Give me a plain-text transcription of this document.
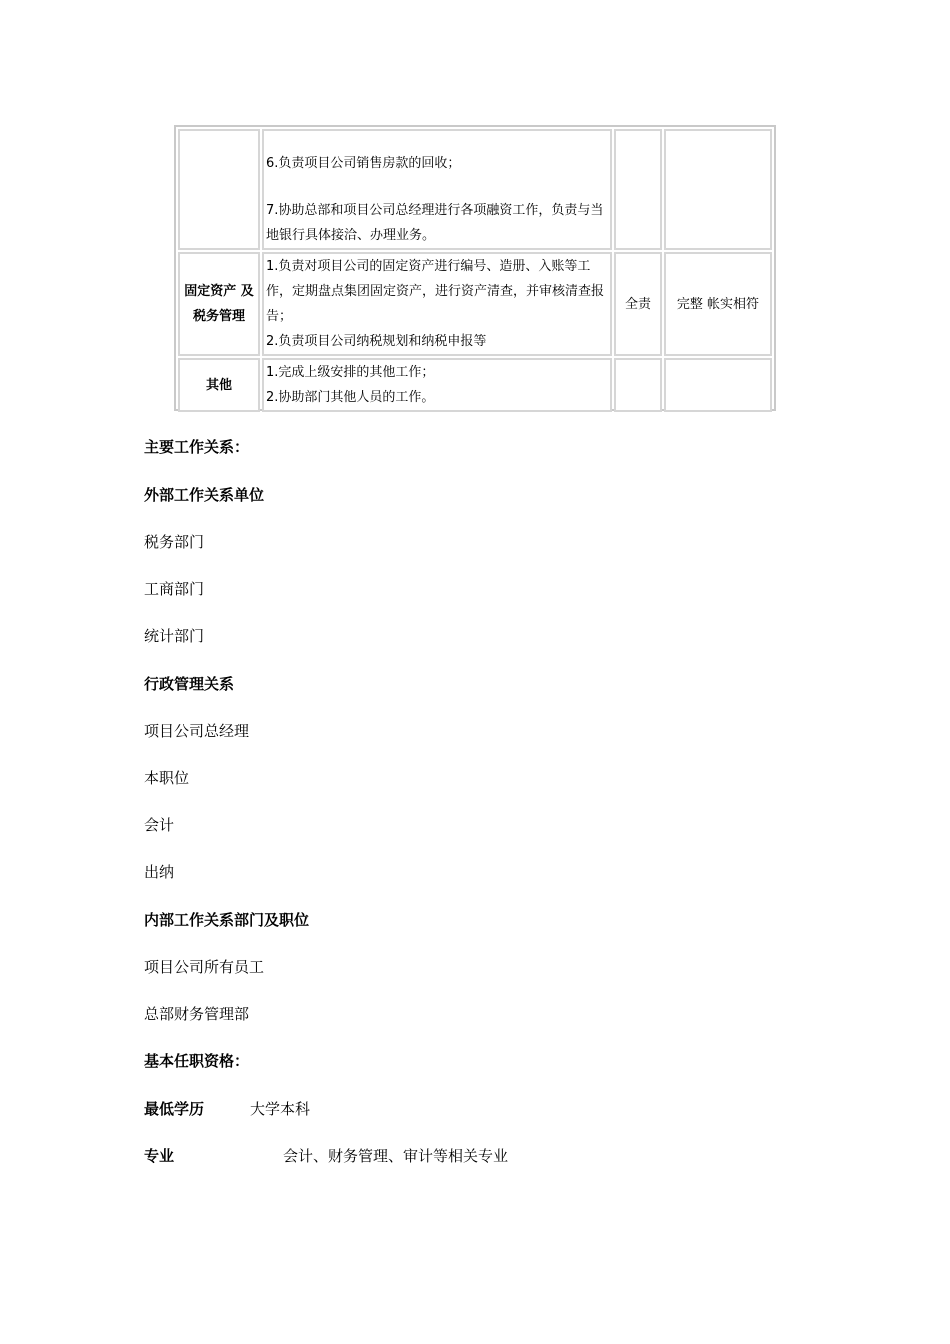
	6.负责项目公司销售房款的回收；
7.协助总部和项目公司总经理进行各项融资工作，负责与当地银行具体接洽、办理业务。		

固定资产 及税务管理	1.负责对项目公司的固定资产进行编号、造册、入账等工作，定期盘点集团固定资产，进行资产清查，并审核清查报告；
2.负责项目公司纳税规划和纳税申报等	全责	完整 帐实相符
其他	1.完成上级安排的其他工作；
2.协助部门其他人员的工作。		

主要工作关系：
外部工作关系单位
税务部门
工商部门
统计部门
行政管理关系
项目公司总经理
本职位
会计
出纳
内部工作关系部门及职位
项目公司所有员工
总部财务管理部
基本任职资格：
最低学历	大学本科
专业	会计、财务管理、审计等相关专业
